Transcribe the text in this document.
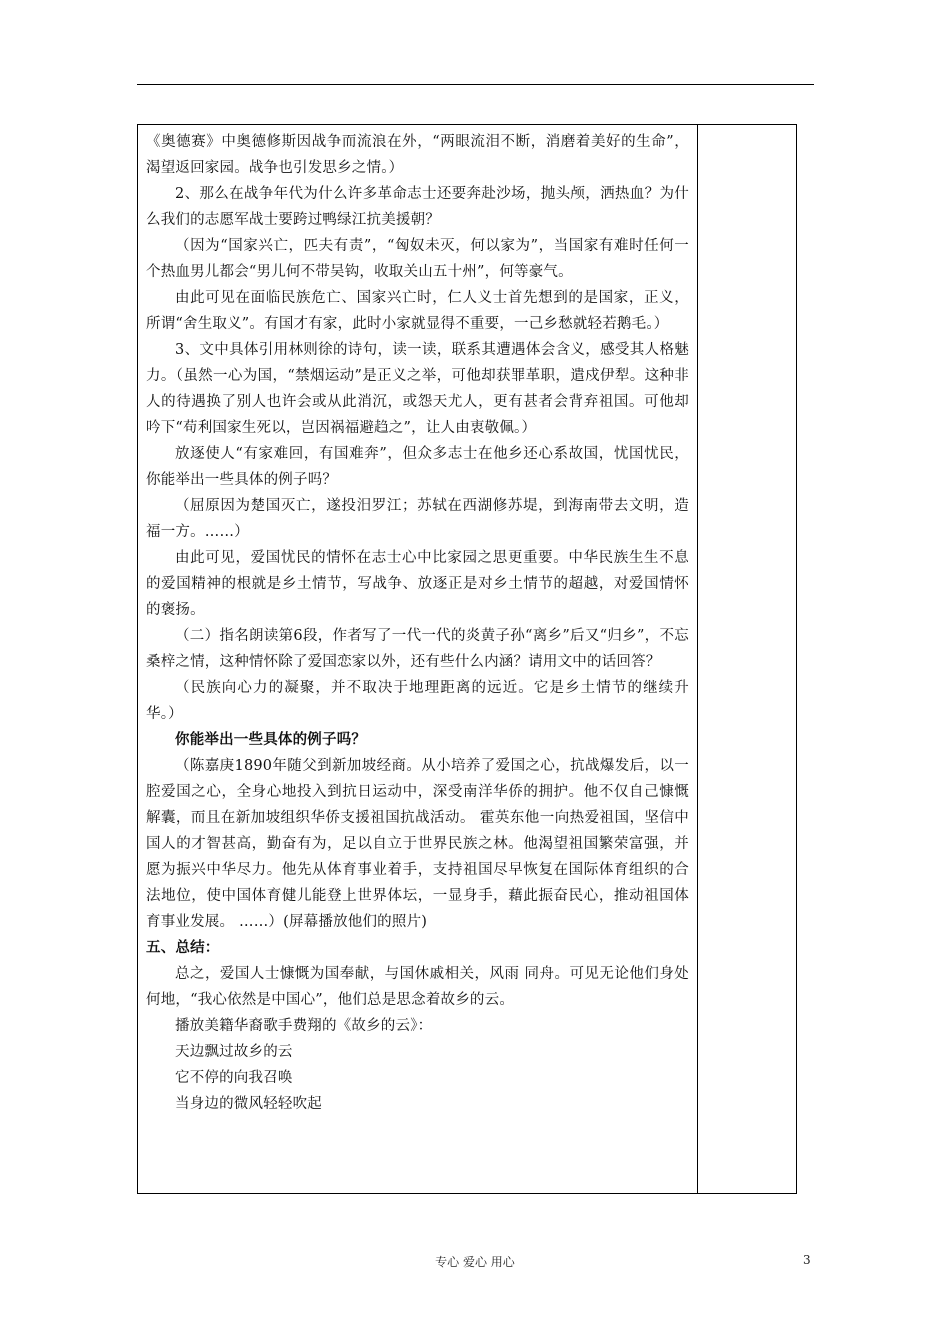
《奥德赛》中奥德修斯因战争而流浪在外，“两眼流泪不断，消磨着美好的生命”，渴望返回家园。战争也引发思乡之情。）

2、那么在战争年代为什么许多革命志士还要奔赴沙场，抛头颅，洒热血？为什么我们的志愿军战士要跨过鸭绿江抗美援朝？

（因为“国家兴亡，匹夫有责”，“匈奴未灭，何以家为”，当国家有难时任何一个热血男儿都会“男儿何不带吴钩，收取关山五十州”，何等豪气。

由此可见在面临民族危亡、国家兴亡时，仁人义士首先想到的是国家，正义，所谓“舍生取义”。有国才有家，此时小家就显得不重要，一己乡愁就轻若鹅毛。）

3、文中具体引用林则徐的诗句，读一读，联系其遭遇体会含义，感受其人格魅力。（虽然一心为国，“禁烟运动”是正义之举，可他却获罪革职，遣戍伊犁。这种非人的待遇换了别人也许会或从此消沉，或怨天尤人，更有甚者会背弃祖国。可他却吟下“苟利国家生死以，岂因祸福避趋之”，让人由衷敬佩。）

放逐使人“有家难回，有国难奔”，但众多志士在他乡还心系故国，忧国忧民，你能举出一些具体的例子吗？

（屈原因为楚国灭亡，遂投汨罗江；苏轼在西湖修苏堤，到海南带去文明，造福一方。……）

由此可见，爱国忧民的情怀在志士心中比家园之思更重要。中华民族生生不息的爱国精神的根就是乡土情节，写战争、放逐正是对乡土情节的超越，对爱国情怀的褒扬。

（二）指名朗读第6段，作者写了一代一代的炎黄子孙“离乡”后又“归乡”，不忘桑梓之情，这种情怀除了爱国恋家以外，还有些什么内涵？请用文中的话回答？

（民族向心力的凝聚，并不取决于地理距离的远近。它是乡土情节的继续升华。）

你能举出一些具体的例子吗？

（陈嘉庚1890年随父到新加坡经商。从小培养了爱国之心，抗战爆发后，以一腔爱国之心，全身心地投入到抗日运动中，深受南洋华侨的拥护。他不仅自己慷慨解囊，而且在新加坡组织华侨支援祖国抗战活动。 霍英东他一向热爱祖国，坚信中国人的才智甚高，勤奋有为，足以自立于世界民族之林。他渴望祖国繁荣富强，并愿为振兴中华尽力。他先从体育事业着手，支持祖国尽早恢复在国际体育组织的合法地位，使中国体育健儿能登上世界体坛，一显身手，藉此振奋民心，推动祖国体育事业发展。 ……）(屏幕播放他们的照片)

五、总结：

总之，爱国人士慷慨为国奉献，与国休戚相关，风雨 同舟。可见无论他们身处何地，“我心依然是中国心”，他们总是思念着故乡的云。

播放美籍华裔歌手费翔的《故乡的云》：

天边飘过故乡的云

它不停的向我召唤

当身边的微风轻轻吹起

专心 爱心 用心	3
